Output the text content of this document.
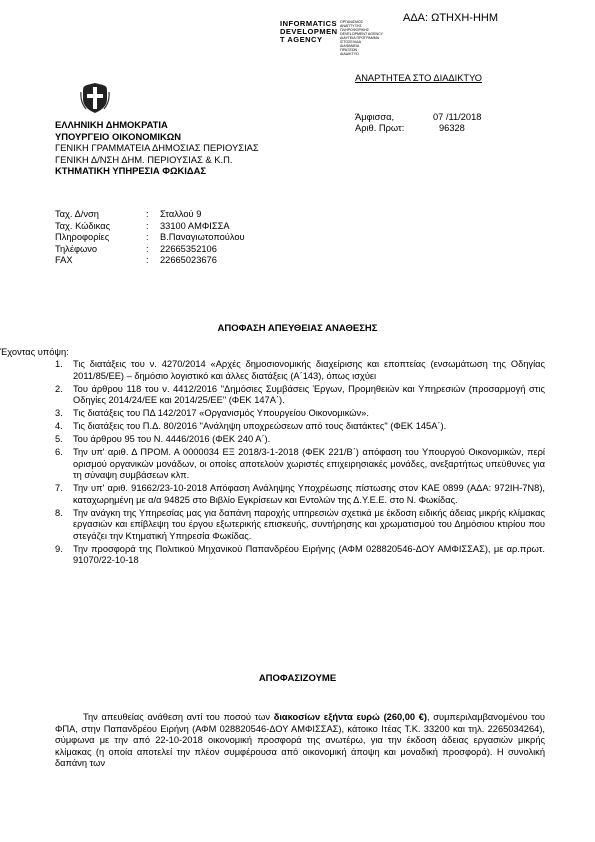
ΑΔΑ: ΩΤΗΧΗ-ΗΗΜ
INFORMATICS
DEVELOPMEN
T AGENCY
ΟΡΓΑΝΙΣΜΟΣ
ΑΝΑΠΤΥΞΗΣ
ΠΛΗΡΟΦΟΡΙΚΗΣ
DEVELOPMENT AGENCY
ΔΙΑΥΓΕΙΑ ΠΡΟΓΡΑΜΜΑ
ΙΣΤΟΣΕΛΙΔΑ
ΔΙΑΦΑΝΕΙΑ
ΠΡΑΞΕΩΝ
ΔΙΑΔΙΚΤΥΟ
ΑΝΑΡΤΗΤΕΑ ΣΤΟ ΔΙΑΔΙΚΤΥΟ
ΕΛΛΗΝΙΚΗ ΔΗΜΟΚΡΑΤΙΑ
ΥΠΟΥΡΓΕΙΟ ΟΙΚΟΝΟΜΙΚΩΝ
ΓΕΝΙΚΗ ΓΡΑΜΜΑΤΕΙΑ ΔΗΜΟΣΙΑΣ ΠΕΡΙΟΥΣΙΑΣ
ΓΕΝΙΚΗ Δ/ΝΣΗ ΔΗΜ. ΠΕΡΙΟΥΣΙΑΣ & Κ.Π.
ΚΤΗΜΑΤΙΚΗ ΥΠΗΡΕΣΙΑ ΦΩΚΙΔΑΣ
Άμφισσα,	07 /11/2018
Αριθ. Πρωτ:	96328
Ταχ. Δ/νση	:	Σταλλού 9
Ταχ. Κώδικας	:	33100 ΑΜΦΙΣΣΑ
Πληροφορίες	:	Β.Παναγιωτοπούλου
Τηλέφωνο	:	22665352106
FAX	:	22665023676
ΑΠΟΦΑΣΗ ΑΠΕΥΘΕΙΑΣ ΑΝΑΘΕΣΗΣ
Έχοντας υπόψη:
1.	Τις διατάξεις του ν. 4270/2014 «Αρχές δημοσιονομικής διαχείρισης και εποπτείας (ενσωμάτωση της Οδηγίας 2011/85/ΕΕ) – δημόσιο λογιστικό και άλλες διατάξεις (Α΄143), όπως ισχύει
2.	Του άρθρου 118 του ν. 4412/2016 "Δημόσιες Συμβάσεις Έργων, Προμηθειών και Υπηρεσιών (προσαρμογή στις Οδηγίες 2014/24/ΕΕ και 2014/25/ΕΕ" (ΦΕΚ 147Α΄).
3.	Τις διατάξεις του ΠΔ 142/2017 «Οργανισμός Υπουργείου Οικονομικών».
4.	Τις διατάξεις του Π.Δ. 80/2016 "Ανάληψη υποχρεώσεων από τους διατάκτες" (ΦΕΚ 145Α΄).
5.	Του άρθρου 95 του Ν. 4446/2016 (ΦΕΚ 240 Α΄).
6.	Την υπ' αριθ. Δ ΠΡΟΜ. Α 0000034 ΕΞ 2018/3-1-2018 (ΦΕΚ 221/Β΄) απόφαση του Υπουργού Οικονομικών, περί ορισμού οργανικών μονάδων, οι οποίες αποτελούν χωριστές επιχειρησιακές μονάδες, ανεξαρτήτως υπεύθυνες για τη σύναψη συμβάσεων κλπ.
7.	Την υπ' αριθ. 91662/23-10-2018 Απόφαση Ανάληψης Υποχρέωσης πίστωσης στον ΚΑΕ 0899 (ΑΔΑ: 972ΙΗ-7Ν8), καταχωρημένη με α/α 94825 στο Βιβλίο Εγκρίσεων και Εντολών της Δ.Υ.Ε.Ε. στο Ν. Φωκίδας.
8.	Την ανάγκη της Υπηρεσίας μας για δαπάνη παροχής υπηρεσιών σχετικά με έκδοση ειδικής άδειας μικρής κλίμακας εργασιών και επίβλεψη του έργου εξωτερικής επισκευής, συντήρησης και χρωματισμού του Δημόσιου κτιρίου που στεγάζει την Κτηματική Υπηρεσία Φωκίδας.
9.	Την προσφορά της Πολιτικού Μηχανικού Παπανδρέου Ειρήνης (ΑΦΜ 028820546-ΔΟΥ ΑΜΦΙΣΣΑΣ), με αρ.πρωτ. 91070/22-10-18
ΑΠΟΦΑΣΙΖΟΥΜΕ
Την απευθείας ανάθεση αντί του ποσού των διακοσίων εξήντα ευρώ (260,00 €), συμπεριλαμβανομένου του ΦΠΑ, στην Παπανδρέου Ειρήνη (ΑΦΜ 028820546-ΔΟΥ ΑΜΦΙΣΣΑΣ), κάτοικο Ιτέας Τ.Κ. 33200 και τηλ. 2265034264), σύμφωνα με την από 22-10-2018 οικονομική προσφορά της ανωτέρω, για την έκδοση άδειας εργασιών μικρής κλίμακας (η οποία αποτελεί την πλέον συμφέρουσα από οικονομική άποψη και μοναδική προσφορά). Η συνολική δαπάνη των
